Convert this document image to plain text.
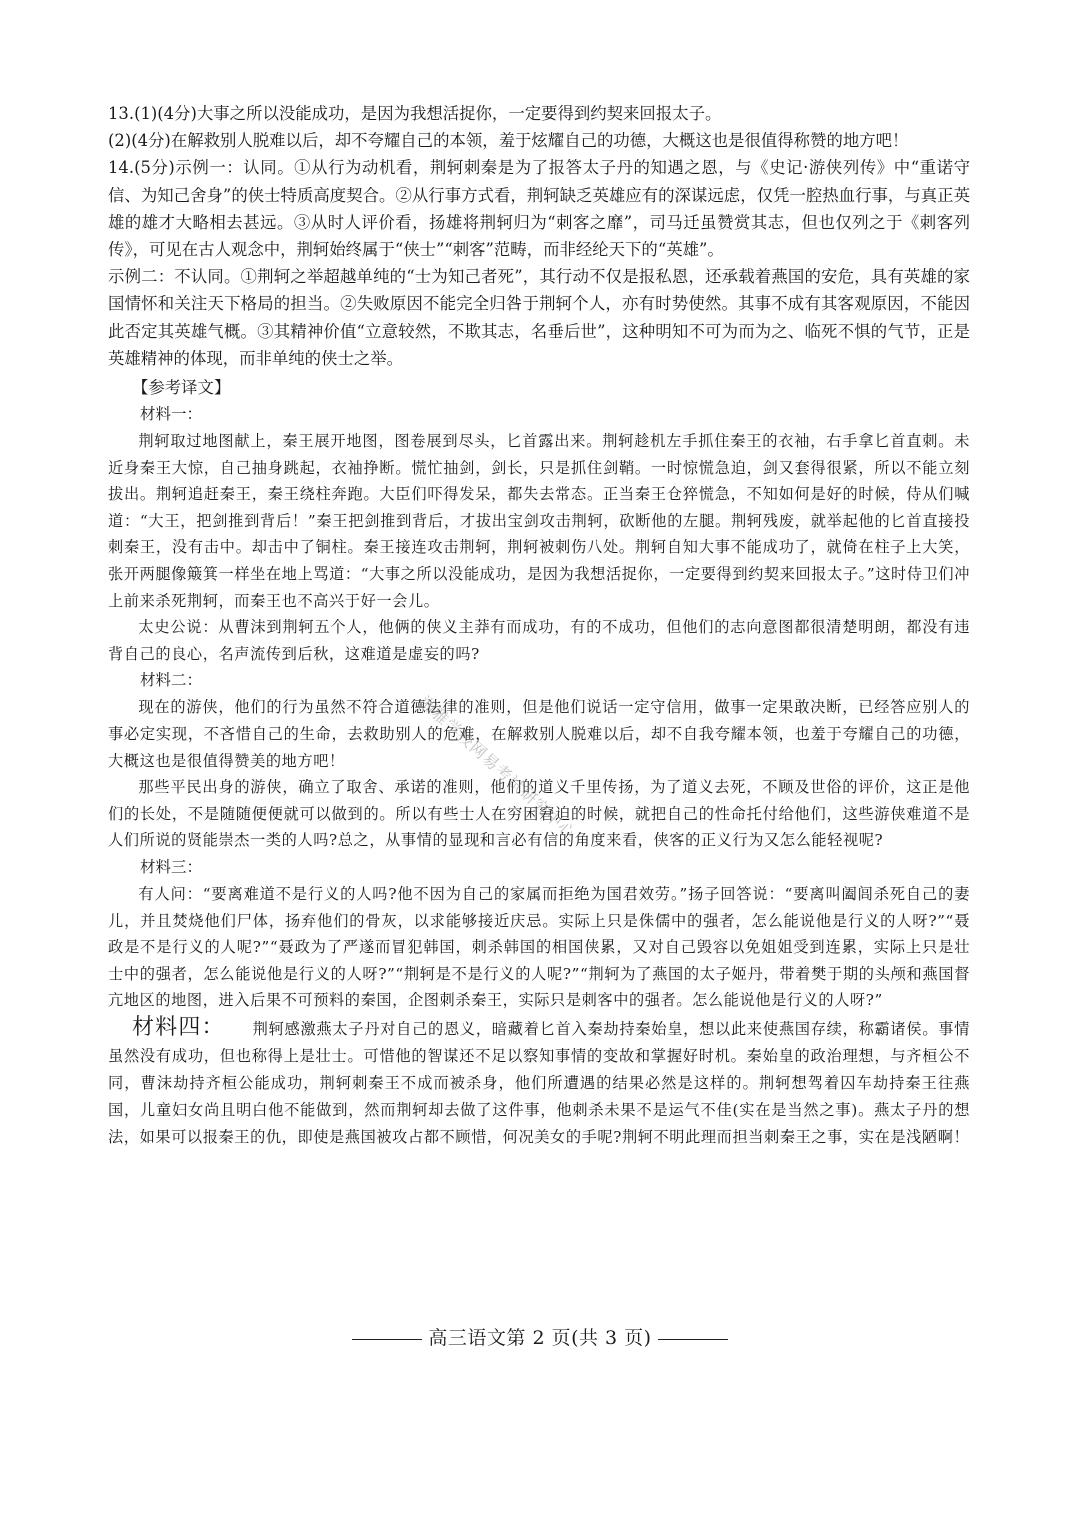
13.(1)(4分)大事之所以没能成功，是因为我想活捉你，一定要得到约契来回报太子。

(2)(4分)在解救别人脱难以后，却不夸耀自己的本领，羞于炫耀自己的功德，大概这也是很值得称赞的地方吧！

14.(5分)示例一：认同。①从行为动机看，荆轲刺秦是为了报答太子丹的知遇之恩，与《史记·游侠列传》中“重诺守信、为知己舍身”的侠士特质高度契合。②从行事方式看，荆轲缺乏英雄应有的深谋远虑，仅凭一腔热血行事，与真正英雄的雄才大略相去甚远。③从时人评价看，扬雄将荆轲归为“刺客之靡”，司马迁虽赞赏其志，但也仅列之于《刺客列传》，可见在古人观念中，荆轲始终属于“侠士”“刺客”范畴，而非经纶天下的“英雄”。

示例二：不认同。①荆轲之举超越单纯的“士为知己者死”，其行动不仅是报私恩，还承载着燕国的安危，具有英雄的家国情怀和关注天下格局的担当。②失败原因不能完全归咎于荆轲个人，亦有时势使然。其事不成有其客观原因，不能因此否定其英雄气概。③其精神价值“立意较然，不欺其志，名垂后世”，这种明知不可为而为之、临死不惧的气节，正是英雄精神的体现，而非单纯的侠士之举。

【参考译文】

材料一：

荆轲取过地图献上，秦王展开地图，图卷展到尽头，匕首露出来。荆轲趁机左手抓住秦王的衣袖，右手拿匕首直刺。未近身秦王大惊，自己抽身跳起，衣袖挣断。慌忙抽剑，剑长，只是抓住剑鞘。一时惊慌急迫，剑又套得很紧，所以不能立刻拔出。荆轲追赶秦王，秦王绕柱奔跑。大臣们吓得发呆，都失去常态。正当秦王仓猝慌急，不知如何是好的时候，侍从们喊道：“大王，把剑推到背后！”秦王把剑推到背后，才拔出宝剑攻击荆轲，砍断他的左腿。荆轲残废，就举起他的匕首直接投刺秦王，没有击中。却击中了铜柱。秦王接连攻击荆轲，荆轲被刺伤八处。荆轲自知大事不能成功了，就倚在柱子上大笑，张开两腿像簸箕一样坐在地上骂道：“大事之所以没能成功，是因为我想活捉你，一定要得到约契来回报太子。”这时侍卫们冲上前来杀死荆轲，而秦王也不高兴于好一会儿。

太史公说：从曹沫到荆轲五个人，他俩的侠义主莽有而成功，有的不成功，但他们的志向意图都很清楚明朗，都没有违背自己的良心，名声流传到后秋，这难道是虚妄的吗?

材料二：

现在的游侠，他们的行为虽然不符合道德法律的准则，但是他们说话一定守信用，做事一定果敢决断，已经答应别人的事必定实现，不吝惜自己的生命，去救助别人的危难，在解救别人脱难以后，却不自我夸耀本领，也羞于夸耀自己的功德，大概这也是很值得赞美的地方吧！

那些平民出身的游侠，确立了取舍、承诺的准则，他们的道义千里传扬，为了道义去死，不顾及世俗的评价，这正是他们的长处，不是随随便便就可以做到的。所以有些士人在穷困窘迫的时候，就把自己的性命托付给他们，这些游侠难道不是人们所说的贤能崇杰一类的人吗?总之，从事情的显现和言必有信的角度来看，侠客的正义行为又怎么能轻视呢?

材料三：

有人问：“要离难道不是行义的人吗?他不因为自己的家属而拒绝为国君效劳。”扬子回答说：“要离叫阖闾杀死自己的妻儿，并且焚烧他们尸体，扬弃他们的骨灰，以求能够接近庆忌。实际上只是侏儒中的强者，怎么能说他是行义的人呀?”“聂政是不是行义的人呢?”“聂政为了严遂而冒犯韩国，刺杀韩国的相国侠累，又对自己毁容以免姐姐受到连累，实际上只是壮士中的强者，怎么能说他是行义的人呀?”“荆轲是不是行义的人呢?”“荆轲为了燕国的太子姬丹，带着樊于期的头颅和燕国督亢地区的地图，进入后果不可预料的秦国，企图刺杀秦王，实际只是刺客中的强者。怎么能说他是行义的人呀?”

材料四： 荆轲感激燕太子丹对自己的恩义，暗藏着匕首入秦劫持秦始皇，想以此来使燕国存续，称霸诸侯。事情虽然没有成功，但也称得上是壮士。可惜他的智谋还不足以察知事情的变故和掌握好时机。秦始皇的政治理想，与齐桓公不同，曹沫劫持齐桓公能成功，荆轲刺秦王不成而被杀身，他们所遭遇的结果必然是这样的。荆轲想驾着囚车劫持秦王往燕国，儿童妇女尚且明白他不能做到，然而荆轲却去做了这件事，他刺杀未果不是运气不佳(实在是当然之事)。燕太子丹的想法，如果可以报秦王的仇，即使是燕国被攻占都不顾惜，何况美女的手呢?荆轲不明此理而担当刺秦王之事，实在是浅陋啊！

高三语文第 2 页(共 3 页)
湘雅学校网易考试研究中心
